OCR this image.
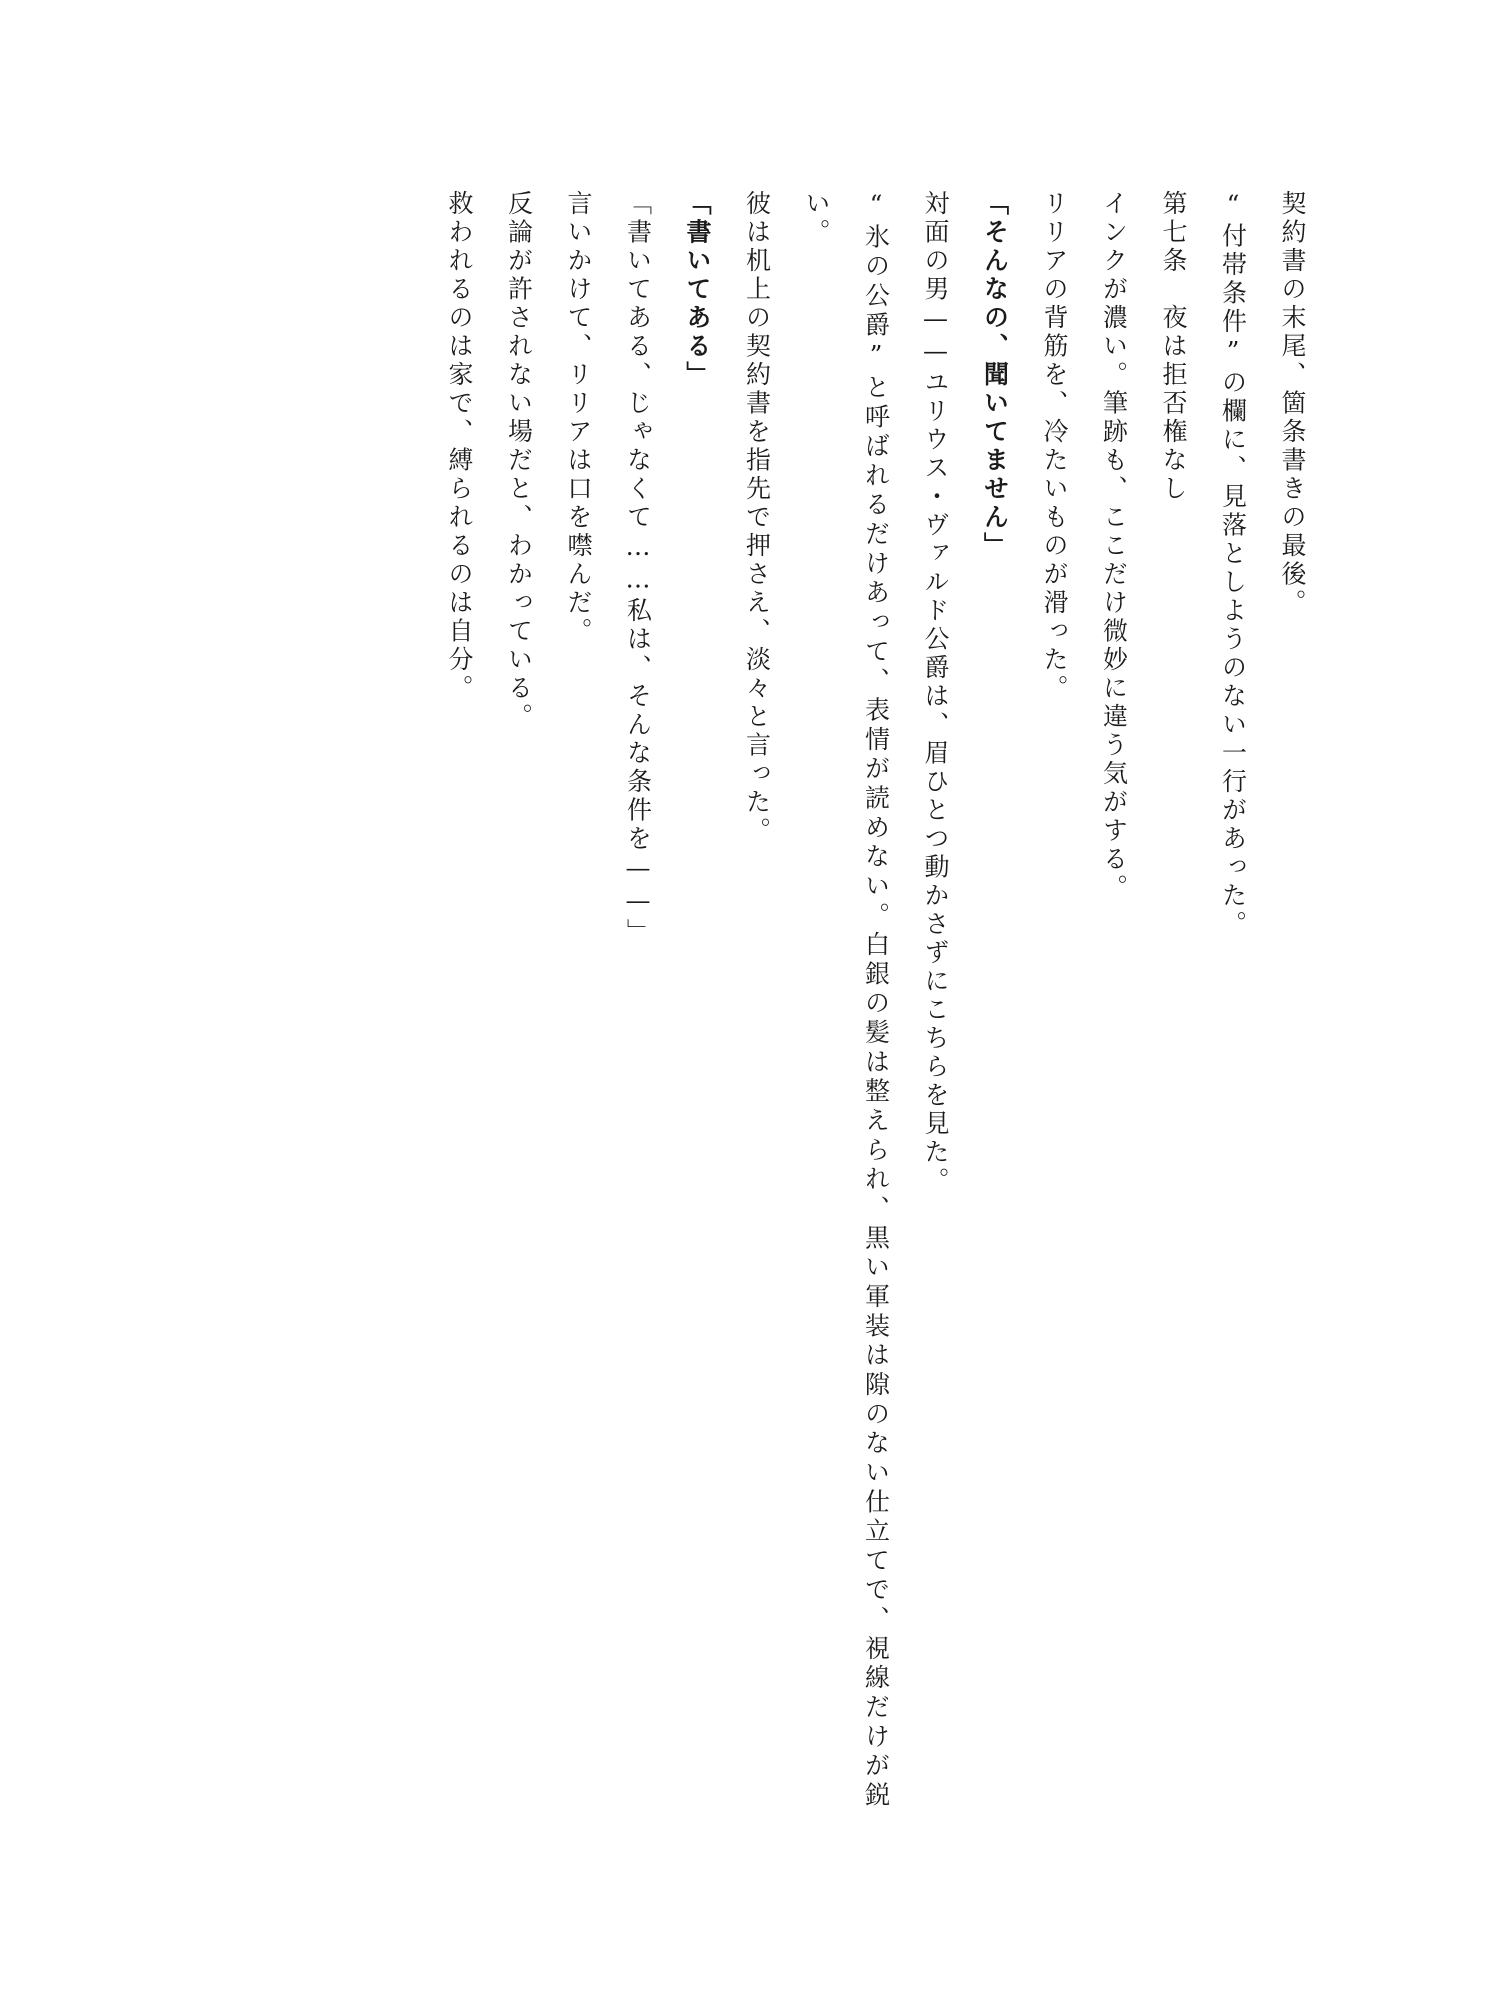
契約書の末尾、箇条書きの最後。

“付帯条件”の欄に、見落としようのない一行があった。

第七条　夜は拒否権なし

インクが濃い。筆跡も、ここだけ微妙に違う気がする。

リリアの背筋を、冷たいものが滑った。

「そんなの、聞いてません」

対面の男——ユリウス・ヴァルド公爵は、眉ひとつ動かさずにこちらを見た。

“氷の公爵”と呼ばれるだけあって、表情が読めない。白銀の髪は整えられ、黒い軍装は隙のない仕立てで、視線だけが鋭い。

彼は机上の契約書を指先で押さえ、淡々と言った。

「書いてある」

「書いてある、じゃなくて……私は、そんな条件を——」

言いかけて、リリアは口を噤んだ。

反論が許されない場だと、わかっている。

救われるのは家で、縛られるのは自分。
